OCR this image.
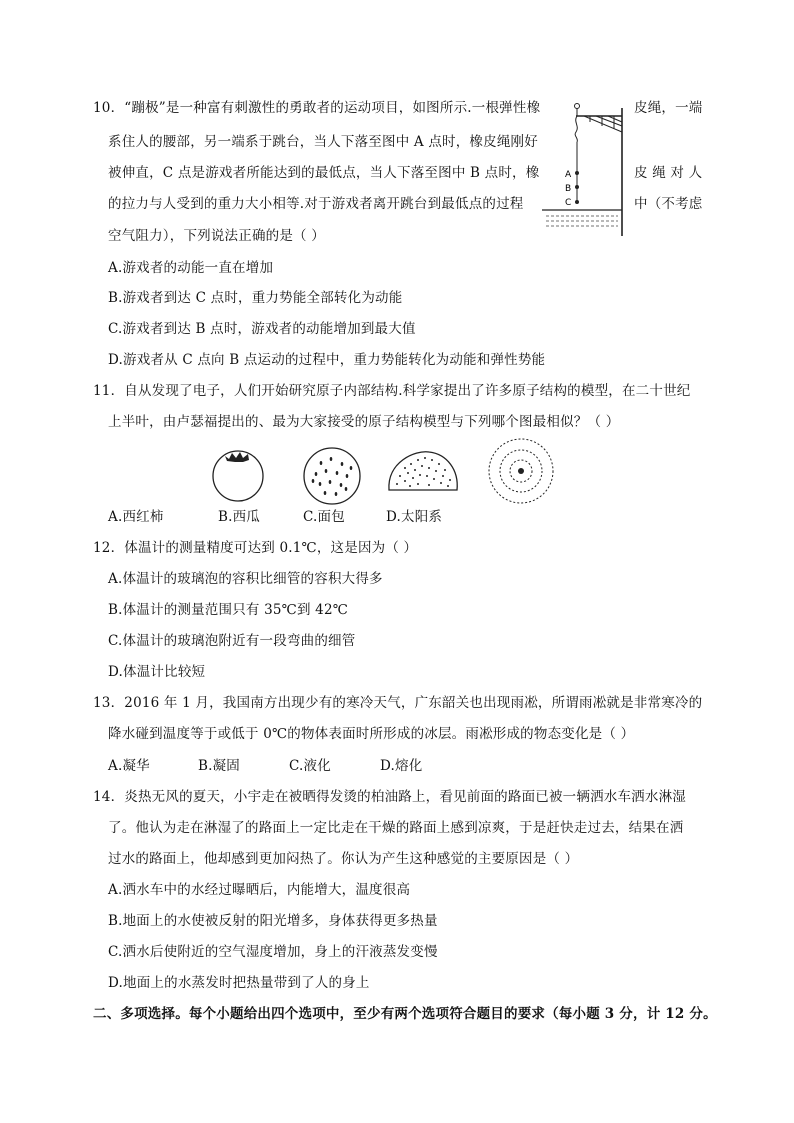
10．“蹦极”是一种富有刺激性的勇敢者的运动项目，如图所示.一根弹性橡	皮绳，一端
系住人的腰部，另一端系于跳台，当人下落至图中 A 点时，橡皮绳刚好
被伸直，C 点是游戏者所能达到的最低点，当人下落至图中 B 点时，橡	皮 绳 对 人
的拉力与人受到的重力大小相等.对于游戏者离开跳台到最低点的过程	中（不考虑
空气阻力），下列说法正确的是（ ）
A
B
C
A.游戏者的动能一直在增加
B.游戏者到达 C 点时，重力势能全部转化为动能
C.游戏者到达 B 点时，游戏者的动能增加到最大值
D.游戏者从 C 点向 B 点运动的过程中，重力势能转化为动能和弹性势能
11．自从发现了电子，人们开始研究原子内部结构.科学家提出了许多原子结构的模型，在二十世纪
上半叶，由卢瑟福提出的、最为大家接受的原子结构模型与下列哪个图最相似？（ ）
A.西红柿	B.西瓜	C.面包	D.太阳系
12．体温计的测量精度可达到 0.1℃，这是因为（ ）
A.体温计的玻璃泡的容积比细管的容积大得多
B.体温计的测量范围只有 35℃到 42℃
C.体温计的玻璃泡附近有一段弯曲的细管
D.体温计比较短
13．2016 年 1 月，我国南方出现少有的寒冷天气，广东韶关也出现雨凇，所谓雨凇就是非常寒冷的
降水碰到温度等于或低于 0℃的物体表面时所形成的冰层。雨凇形成的物态变化是（ ）
A.凝华	B.凝固	C.液化	D.熔化
14．炎热无风的夏天，小宇走在被晒得发烫的柏油路上，看见前面的路面已被一辆洒水车洒水淋湿
了。他认为走在淋湿了的路面上一定比走在干燥的路面上感到凉爽，于是赶快走过去，结果在洒
过水的路面上，他却感到更加闷热了。你认为产生这种感觉的主要原因是（ ）
A.洒水车中的水经过曝晒后，内能增大，温度很高
B.地面上的水使被反射的阳光增多，身体获得更多热量
C.洒水后使附近的空气湿度增加，身上的汗液蒸发变慢
D.地面上的水蒸发时把热量带到了人的身上
二、多项选择。每个小题给出四个选项中，至少有两个选项符合题目的要求（每小题 3 分，计 12 分。
